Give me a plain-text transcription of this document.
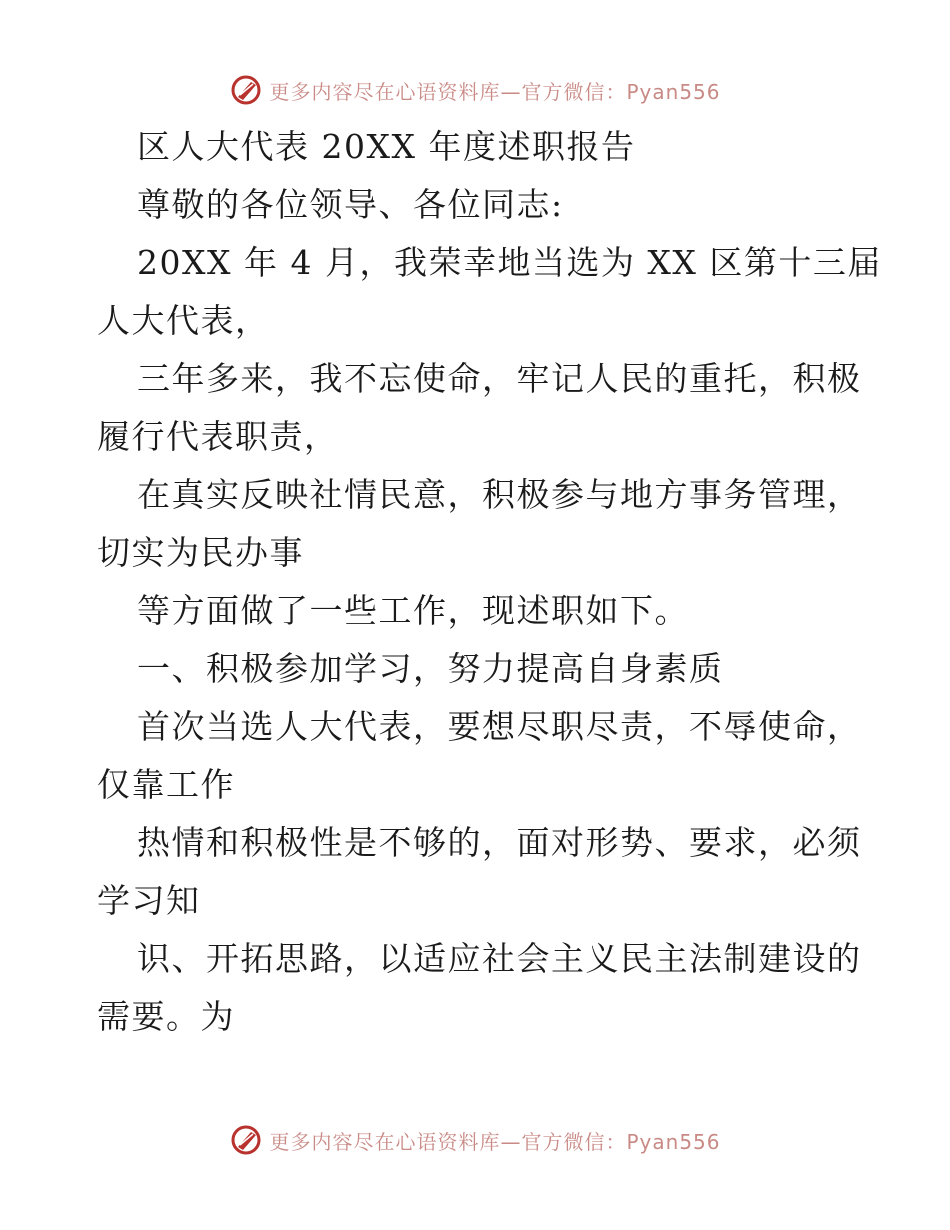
更多内容尽在心语资料库—官方微信：Pyan556
区人大代表 20XX 年度述职报告
尊敬的各位领导、各位同志:
20XX 年 4 月，我荣幸地当选为 XX 区第十三届
人大代表，
三年多来，我不忘使命，牢记人民的重托，积极
履行代表职责，
在真实反映社情民意，积极参与地方事务管理，
切实为民办事
等方面做了一些工作，现述职如下。
一、积极参加学习，努力提高自身素质
首次当选人大代表，要想尽职尽责，不辱使命，
仅靠工作
热情和积极性是不够的，面对形势、要求，必须
学习知
识、开拓思路，以适应社会主义民主法制建设的
需要。为
更多内容尽在心语资料库—官方微信：Pyan556
